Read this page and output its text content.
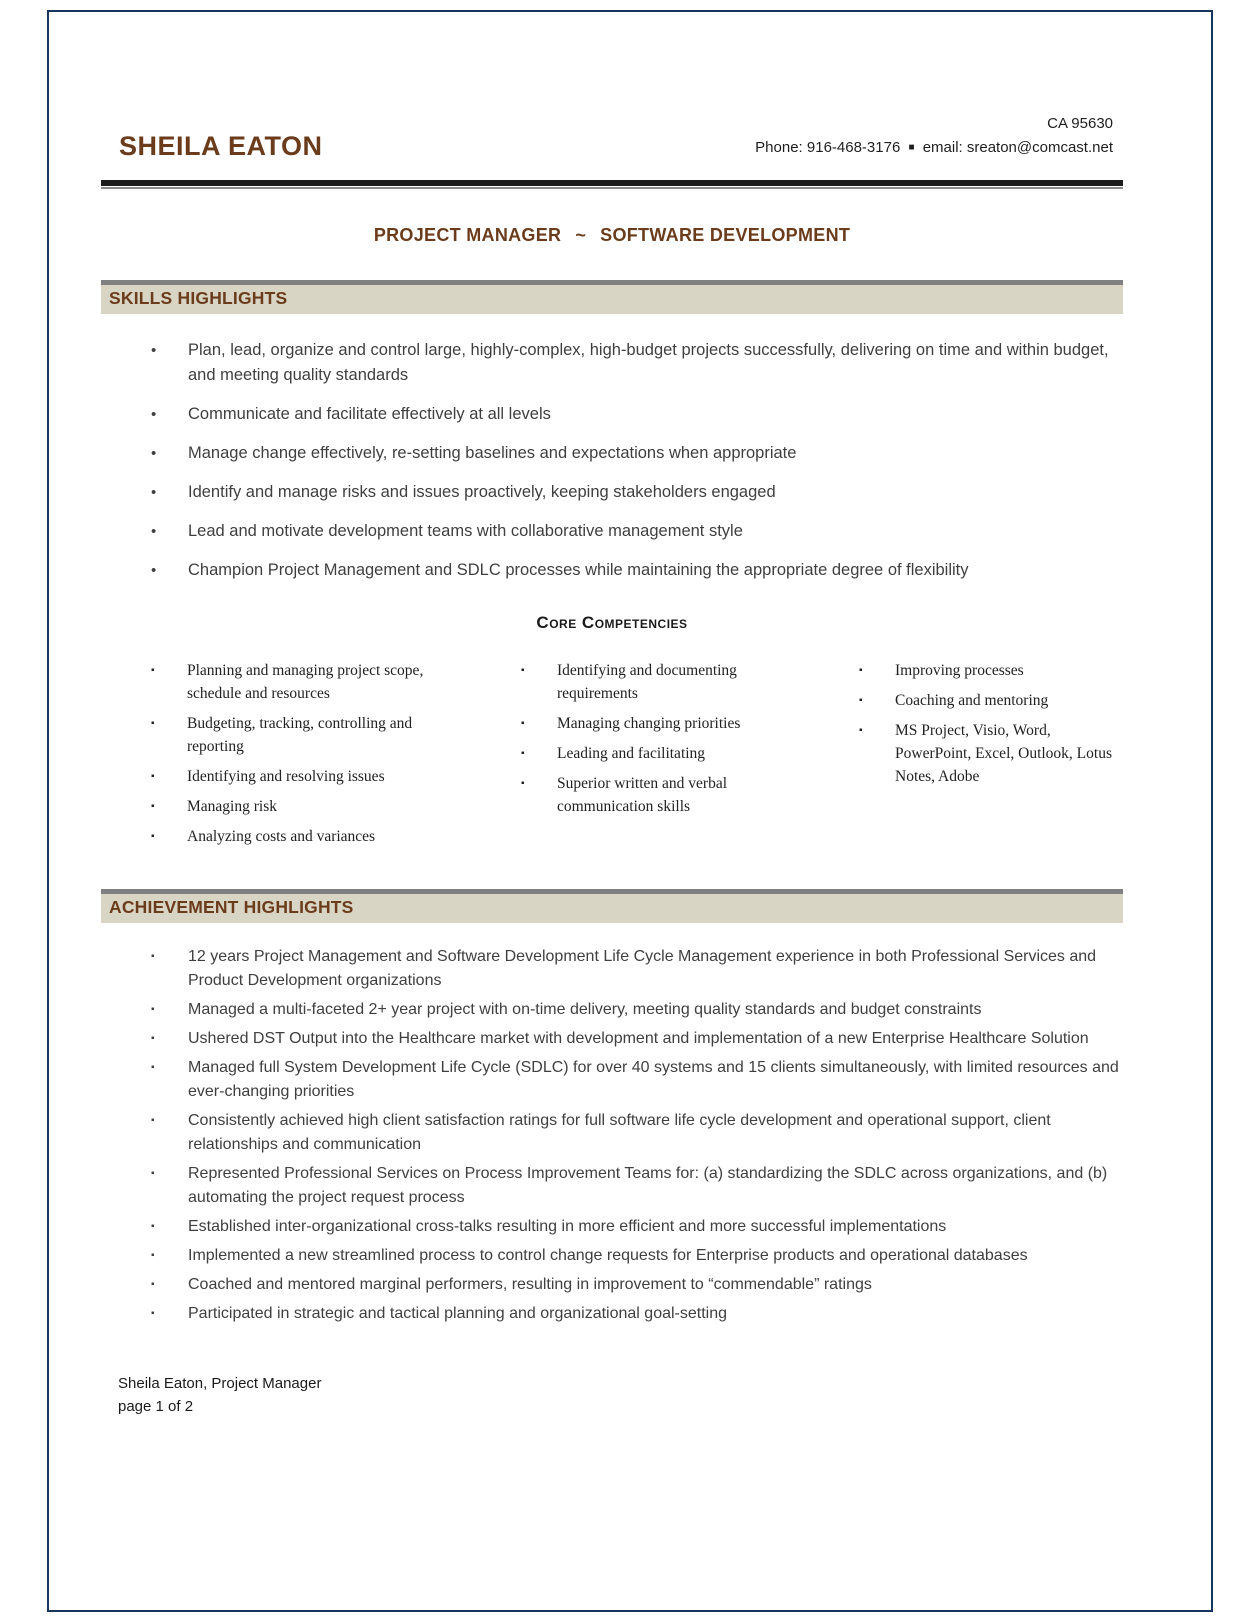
SHEILA EATON
CA 95630
Phone: 916-468-3176 ■ email: sreaton@comcast.net
PROJECT MANAGER ~ SOFTWARE DEVELOPMENT
SKILLS HIGHLIGHTS
•	Plan, lead, organize and control large, highly-complex, high-budget projects successfully, delivering on time and within budget, and meeting quality standards
•	Communicate and facilitate effectively at all levels
•	Manage change effectively, re-setting baselines and expectations when appropriate
•	Identify and manage risks and issues proactively, keeping stakeholders engaged
•	Lead and motivate development teams with collaborative management style
•	Champion Project Management and SDLC processes while maintaining the appropriate degree of flexibility
Core Competencies
▪	Planning and managing project scope, schedule and resources
▪	Budgeting, tracking, controlling and reporting
▪	Identifying and resolving issues
▪	Managing risk
▪	Analyzing costs and variances
▪	Identifying and documenting requirements
▪	Managing changing priorities
▪	Leading and facilitating
▪	Superior written and verbal communication skills
▪	Improving processes
▪	Coaching and mentoring
▪	MS Project, Visio, Word, PowerPoint, Excel, Outlook, Lotus Notes, Adobe
ACHIEVEMENT HIGHLIGHTS
▪	12 years Project Management and Software Development Life Cycle Management experience in both Professional Services and Product Development organizations
▪	Managed a multi-faceted 2+ year project with on-time delivery, meeting quality standards and budget constraints
▪	Ushered DST Output into the Healthcare market with development and implementation of a new Enterprise Healthcare Solution
▪	Managed full System Development Life Cycle (SDLC) for over 40 systems and 15 clients simultaneously, with limited resources and ever-changing priorities
▪	Consistently achieved high client satisfaction ratings for full software life cycle development and operational support, client relationships and communication
▪	Represented Professional Services on Process Improvement Teams for: (a) standardizing the SDLC across organizations, and (b) automating the project request process
▪	Established inter-organizational cross-talks resulting in more efficient and more successful implementations
▪	Implemented a new streamlined process to control change requests for Enterprise products and operational databases
▪	Coached and mentored marginal performers, resulting in improvement to “commendable” ratings
▪	Participated in strategic and tactical planning and organizational goal-setting
Sheila Eaton, Project Manager
page 1 of 2
